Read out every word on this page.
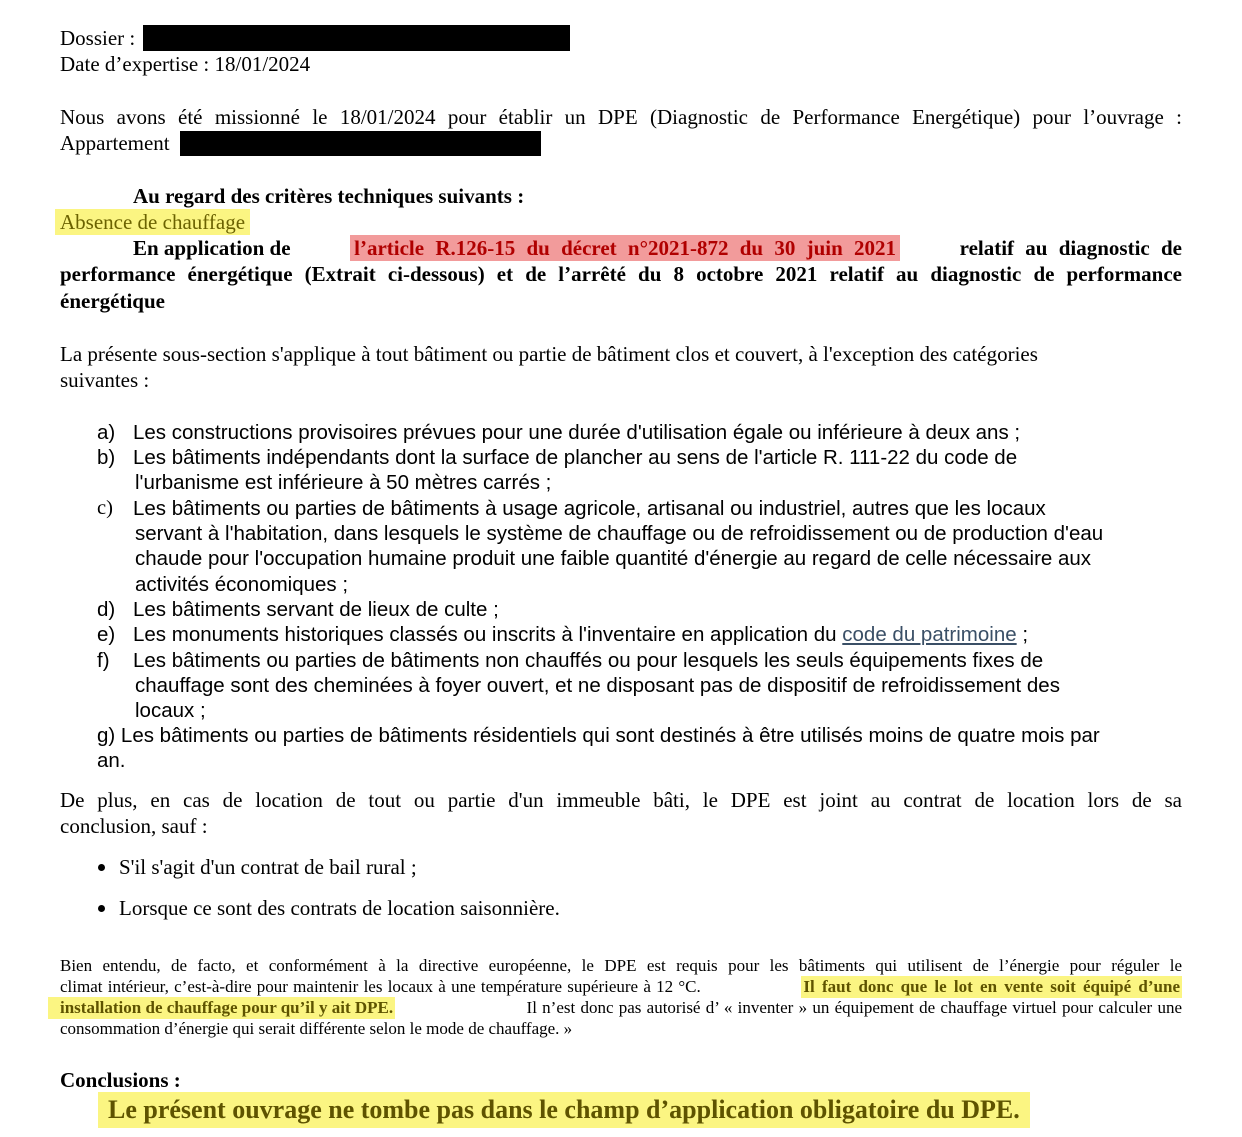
Dossier :
Date d’expertise : 18/01/2024
Nous avons été missionné le 18/01/2024 pour établir un DPE (Diagnostic de Performance Energétique) pour l’ouvrage :
Appartement
Au regard des critères techniques suivants :
Absence de chauffage
En application de	l’article R.126-15 du décret n°2021-872 du 30 juin 2021	relatif au diagnostic de
performance énergétique (Extrait ci-dessous) et de l’arrêté du 8 octobre 2021 relatif au diagnostic de performance
énergétique
La présente sous-section s'applique à tout bâtiment ou partie de bâtiment clos et couvert, à l'exception des catégories
suivantes :
a) Les constructions provisoires prévues pour une durée d'utilisation égale ou inférieure à deux ans ;
b) Les bâtiments indépendants dont la surface de plancher au sens de l'article R. 111-22 du code de
l'urbanisme est inférieure à 50 mètres carrés ;
c) Les bâtiments ou parties de bâtiments à usage agricole, artisanal ou industriel, autres que les locaux
servant à l'habitation, dans lesquels le système de chauffage ou de refroidissement ou de production d'eau
chaude pour l'occupation humaine produit une faible quantité d'énergie au regard de celle nécessaire aux
activités économiques ;
d) Les bâtiments servant de lieux de culte ;
e) Les monuments historiques classés ou inscrits à l'inventaire en application du code du patrimoine ;
f) Les bâtiments ou parties de bâtiments non chauffés ou pour lesquels les seuls équipements fixes de
chauffage sont des cheminées à foyer ouvert, et ne disposant pas de dispositif de refroidissement des
locaux ;
g) Les bâtiments ou parties de bâtiments résidentiels qui sont destinés à être utilisés moins de quatre mois par
an.
De plus, en cas de location de tout ou partie d'un immeuble bâti, le DPE est joint au contrat de location lors de sa
conclusion, sauf :
S'il s'agit d'un contrat de bail rural ;
Lorsque ce sont des contrats de location saisonnière.
Bien entendu, de facto, et conformément à la directive européenne, le DPE est requis pour les bâtiments qui utilisent de l’énergie pour réguler le
climat intérieur, c’est-à-dire pour maintenir les locaux à une température supérieure à 12 °C.	Il faut donc que le lot en vente soit équipé d’une
installation de chauffage pour qu’il y ait DPE.	Il n’est donc pas autorisé d’ « inventer » un équipement de chauffage virtuel pour calculer une
consommation d’énergie qui serait différente selon le mode de chauffage. »
Conclusions :
Le présent ouvrage ne tombe pas dans le champ d’application obligatoire du DPE.
